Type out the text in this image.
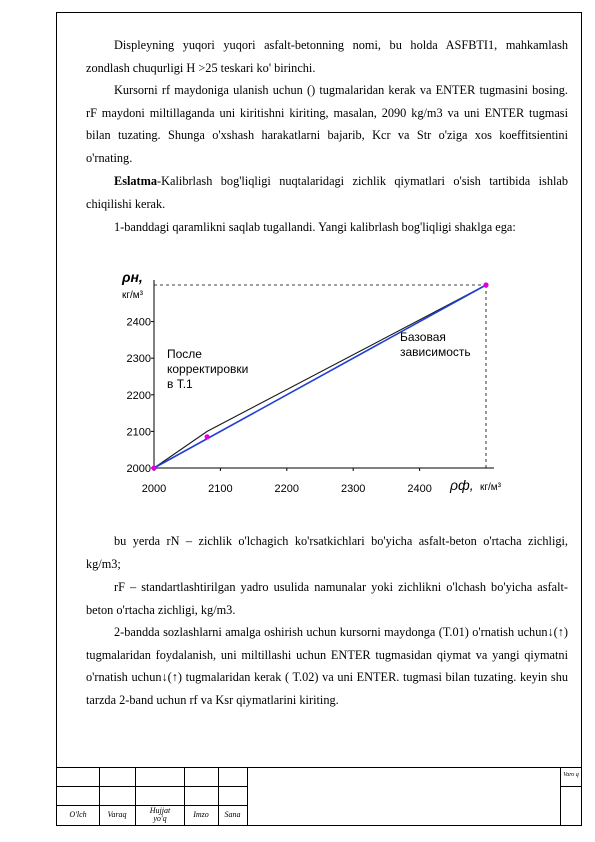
Displeyning yuqori yuqori asfalt-betonning nomi, bu holda ASFBTI1, mahkamlash zondlash chuqurligi H >25 teskari ko' birinchi.
Kursorni rf maydoniga ulanish uchun () tugmalaridan kerak va ENTER tugmasini bosing. rF maydoni miltillaganda uni kiritishni kiriting, masalan, 2090 kg/m3 va uni ENTER tugmasi bilan tuzating. Shunga o'xshash harakatlarni bajarib, Kcr va Str o'ziga xos koeffitsientini o'rnating.
Eslatma-Kalibrlash bog'liqligi nuqtalaridagi zichlik qiymatlari o'sish tartibida ishlab chiqilishi kerak.
1-banddagi qaramlikni saqlab tugallandi. Yangi kalibrlash bog'liqligi shaklga ega:
2000	2100	2200	2300	2400
2000
2100
2200
2300
2400
ρн,
кг/м³
ρф, кг/м³
После
корректировки
в Т.1
Базовая
зависимость
bu yerda rN – zichlik o'lchagich ko'rsatkichlari bo'yicha asfalt-beton o'rtacha zichligi, kg/m3;
rF – standartlashtirilgan yadro usulida namunalar yoki zichlikni o'lchash bo'yicha asfalt-beton o'rtacha zichligi, kg/m3.
2-bandda sozlashlarni amalga oshirish uchun kursorni maydonga (T.01) o'rnatish uchun↓(↑) tugmalaridan foydalanish, uni miltillashi uchun ENTER tugmasidan qiymat va yangi qiymatni o'rnatish uchun↓(↑) tugmalaridan kerak ( T.02) va uni ENTER. tugmasi bilan tuzating. keyin shu tarzda 2-band uchun rf va Ksr qiymatlarini kiriting.
O'lch	Varaq	Hujjat yo'q	Imzo	Sana
Varo q
